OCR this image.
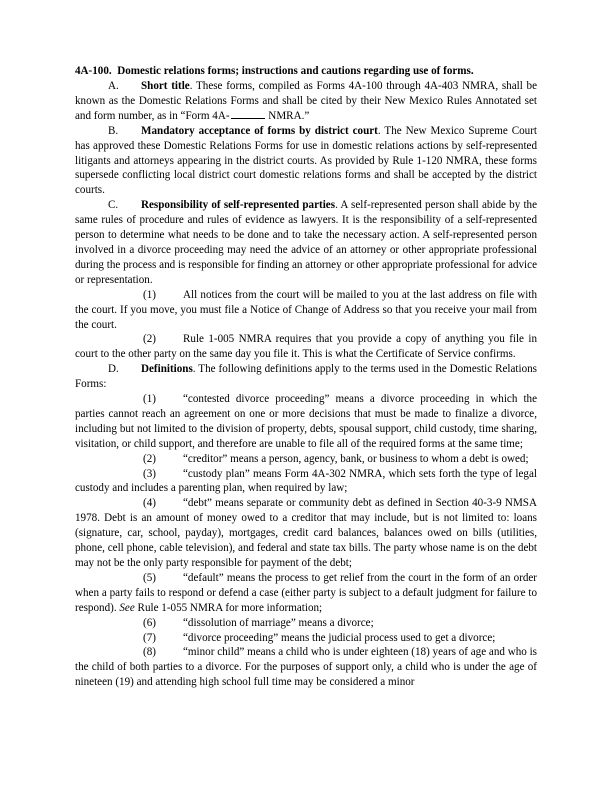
4A-100. Domestic relations forms; instructions and cautions regarding use of forms.

A. Short title. These forms, compiled as Forms 4A-100 through 4A-403 NMRA, shall be known as the Domestic Relations Forms and shall be cited by their New Mexico Rules Annotated set and form number, as in “Form 4A-	NMRA.”

B. Mandatory acceptance of forms by district court. The New Mexico Supreme Court has approved these Domestic Relations Forms for use in domestic relations actions by self-represented litigants and attorneys appearing in the district courts. As provided by Rule 1-120 NMRA, these forms supersede conflicting local district court domestic relations forms and shall be accepted by the district courts.

C. Responsibility of self-represented parties. A self-represented person shall abide by the same rules of procedure and rules of evidence as lawyers. It is the responsibility of a self-represented person to determine what needs to be done and to take the necessary action. A self-represented person involved in a divorce proceeding may need the advice of an attorney or other appropriate professional during the process and is responsible for finding an attorney or other appropriate professional for advice or representation.

(1) All notices from the court will be mailed to you at the last address on file with the court. If you move, you must file a Notice of Change of Address so that you receive your mail from the court.

(2) Rule 1-005 NMRA requires that you provide a copy of anything you file in court to the other party on the same day you file it. This is what the Certificate of Service confirms.

D. Definitions. The following definitions apply to the terms used in the Domestic Relations Forms:

(1) “contested divorce proceeding” means a divorce proceeding in which the parties cannot reach an agreement on one or more decisions that must be made to finalize a divorce, including but not limited to the division of property, debts, spousal support, child custody, time sharing, visitation, or child support, and therefore are unable to file all of the required forms at the same time;

(2) “creditor” means a person, agency, bank, or business to whom a debt is owed;

(3) “custody plan” means Form 4A-302 NMRA, which sets forth the type of legal custody and includes a parenting plan, when required by law;

(4) “debt” means separate or community debt as defined in Section 40-3-9 NMSA 1978. Debt is an amount of money owed to a creditor that may include, but is not limited to: loans (signature, car, school, payday), mortgages, credit card balances, balances owed on bills (utilities, phone, cell phone, cable television), and federal and state tax bills. The party whose name is on the debt may not be the only party responsible for payment of the debt;

(5) “default” means the process to get relief from the court in the form of an order when a party fails to respond or defend a case (either party is subject to a default judgment for failure to respond). See Rule 1-055 NMRA for more information;

(6) “dissolution of marriage” means a divorce;

(7) “divorce proceeding” means the judicial process used to get a divorce;

(8) “minor child” means a child who is under eighteen (18) years of age and who is the child of both parties to a divorce. For the purposes of support only, a child who is under the age of nineteen (19) and attending high school full time may be considered a minor
